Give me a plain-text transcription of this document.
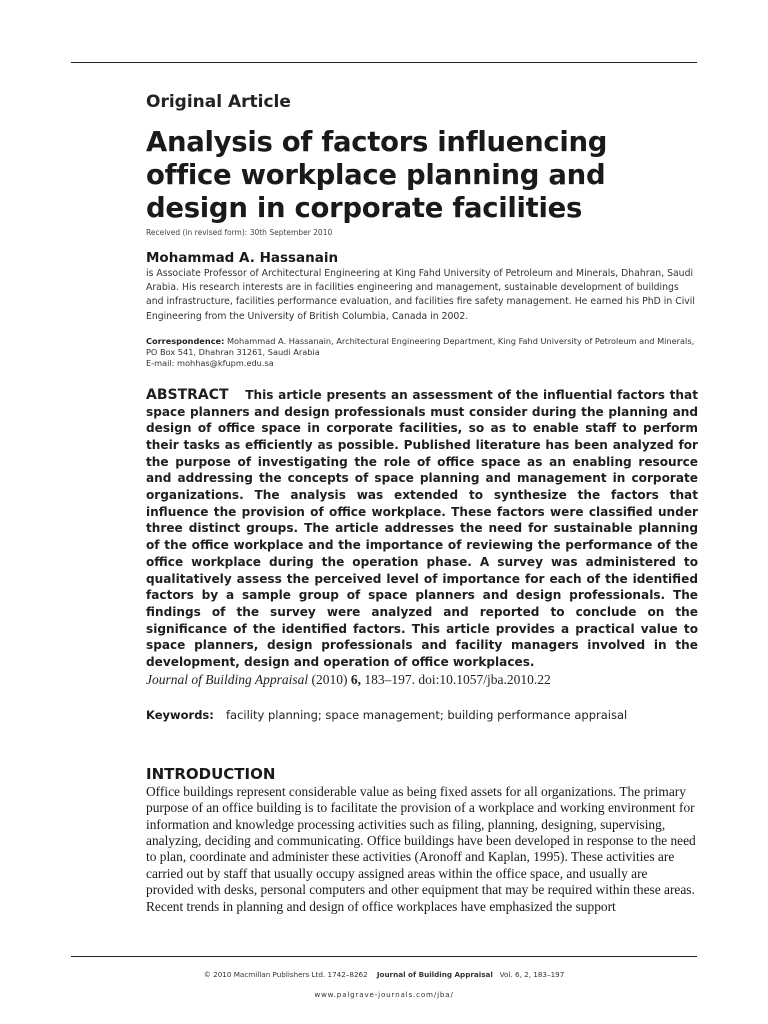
Original Article

Analysis of factors influencing office workplace planning and design in corporate facilities

Received (in revised form): 30th September 2010

Mohammad A. Hassanain

is Associate Professor of Architectural Engineering at King Fahd University of Petroleum and Minerals, Dhahran, Saudi Arabia. His research interests are in facilities engineering and management, sustainable development of buildings and infrastructure, facilities performance evaluation, and facilities fire safety management. He earned his PhD in Civil Engineering from the University of British Columbia, Canada in 2002.

Correspondence: Mohammad A. Hassanain, Architectural Engineering Department, King Fahd University of Petroleum and Minerals,
PO Box 541, Dhahran 31261, Saudi Arabia
E-mail: mohhas@kfupm.edu.sa

ABSTRACT This article presents an assessment of the influential factors that space planners and design professionals must consider during the planning and design of office space in corporate facilities, so as to enable staff to perform their tasks as efficiently as possible. Published literature has been analyzed for the purpose of investigating the role of office space as an enabling resource and addressing the concepts of space planning and management in corporate organizations. The analysis was extended to synthesize the factors that influence the provision of office workplace. These factors were classified under three distinct groups. The article addresses the need for sustainable planning of the office workplace and the importance of reviewing the performance of the office workplace during the operation phase. A survey was administered to qualitatively assess the perceived level of importance for each of the identified factors by a sample group of space planners and design professionals. The findings of the survey were analyzed and reported to conclude on the significance of the identified factors. This article provides a practical value to space planners, design professionals and facility managers involved in the development, design and operation of office workplaces.

Journal of Building Appraisal (2010) 6, 183–197. doi:10.1057/jba.2010.22

Keywords:	facility planning; space management; building performance appraisal
INTRODUCTION

Office buildings represent considerable value as being fixed assets for all organizations. The primary purpose of an office building is to facilitate the provision of a workplace and working environment for information and knowledge processing activities such as filing, planning, designing, supervising, analyzing, deciding and communicating. Office buildings have been developed in response to the need to plan, coordinate and administer these activities (Aronoff and Kaplan, 1995). These activities are carried out by staff that usually occupy assigned areas within the office space, and usually are provided with desks, personal computers and other equipment that may be required within these areas. Recent trends in planning and design of office workplaces have emphasized the support

© 2010 Macmillan Publishers Ltd. 1742–8262 Journal of Building Appraisal Vol. 6, 2, 183–197
www.palgrave-journals.com/jba/
